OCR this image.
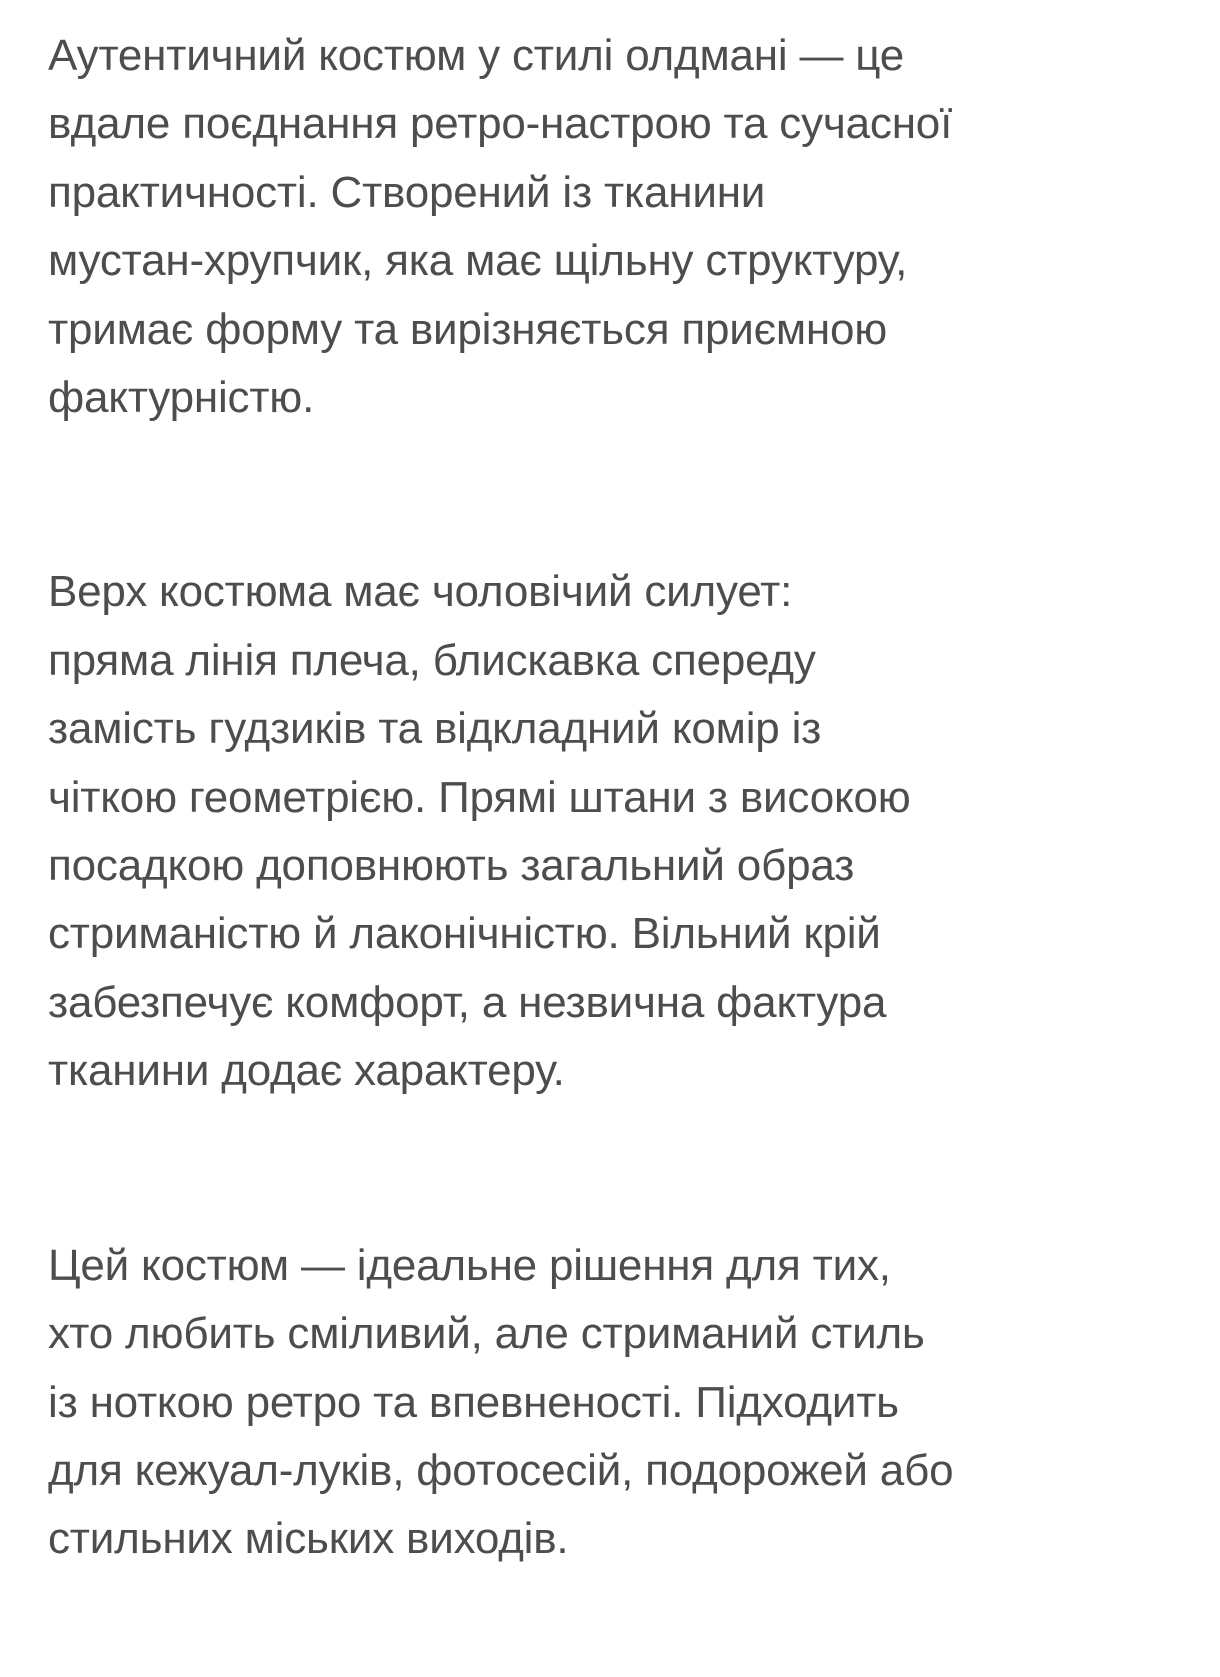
Аутентичний костюм у стилі олдмані — це
вдале поєднання ретро-настрою та сучасної
практичності. Створений із тканини
мустан-хрупчик, яка має щільну структуру,
тримає форму та вирізняється приємною
фактурністю.
Верх костюма має чоловічий силует:
пряма лінія плеча, блискавка спереду
замість гудзиків та відкладний комір із
чіткою геометрією. Прямі штани з високою
посадкою доповнюють загальний образ
стриманістю й лаконічністю. Вільний крій
забезпечує комфорт, а незвична фактура
тканини додає характеру.
Цей костюм — ідеальне рішення для тих,
хто любить сміливий, але стриманий стиль
із ноткою ретро та впевненості. Підходить
для кежуал-луків, фотосесій, подорожей або
стильних міських виходів.
